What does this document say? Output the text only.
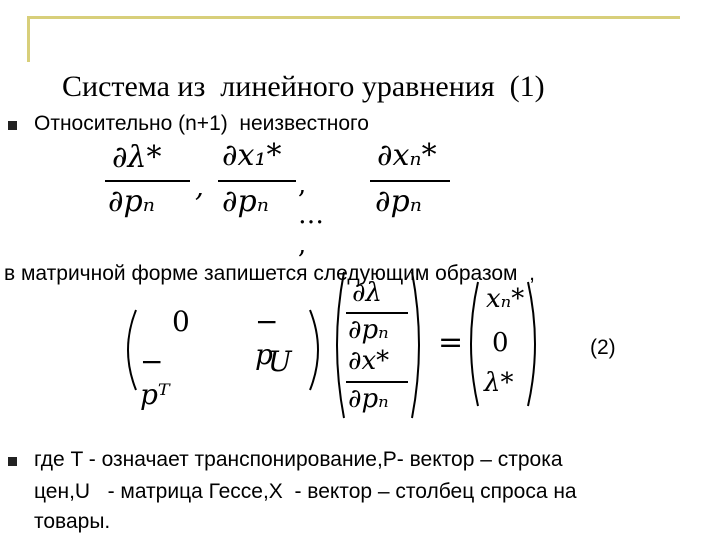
Система из  линейного уравнения  (1)
Относительно (n+1)  неизвестного
∂λ*
∂pₙ ,
∂x₁*
∂pₙ , … ,
∂xₙ*
∂pₙ
в матричной форме запишется следующим образом  ,
0 − p
− pᵀ
U
∂λ
∂pₙ
∂x*
∂pₙ
=
xₙ*
0
λ*
(2)
где T - означает транспонирование,Р- вектор – строка
цен,U   - матрица Гессе,X  - вектор – столбец спроса на
товары.
